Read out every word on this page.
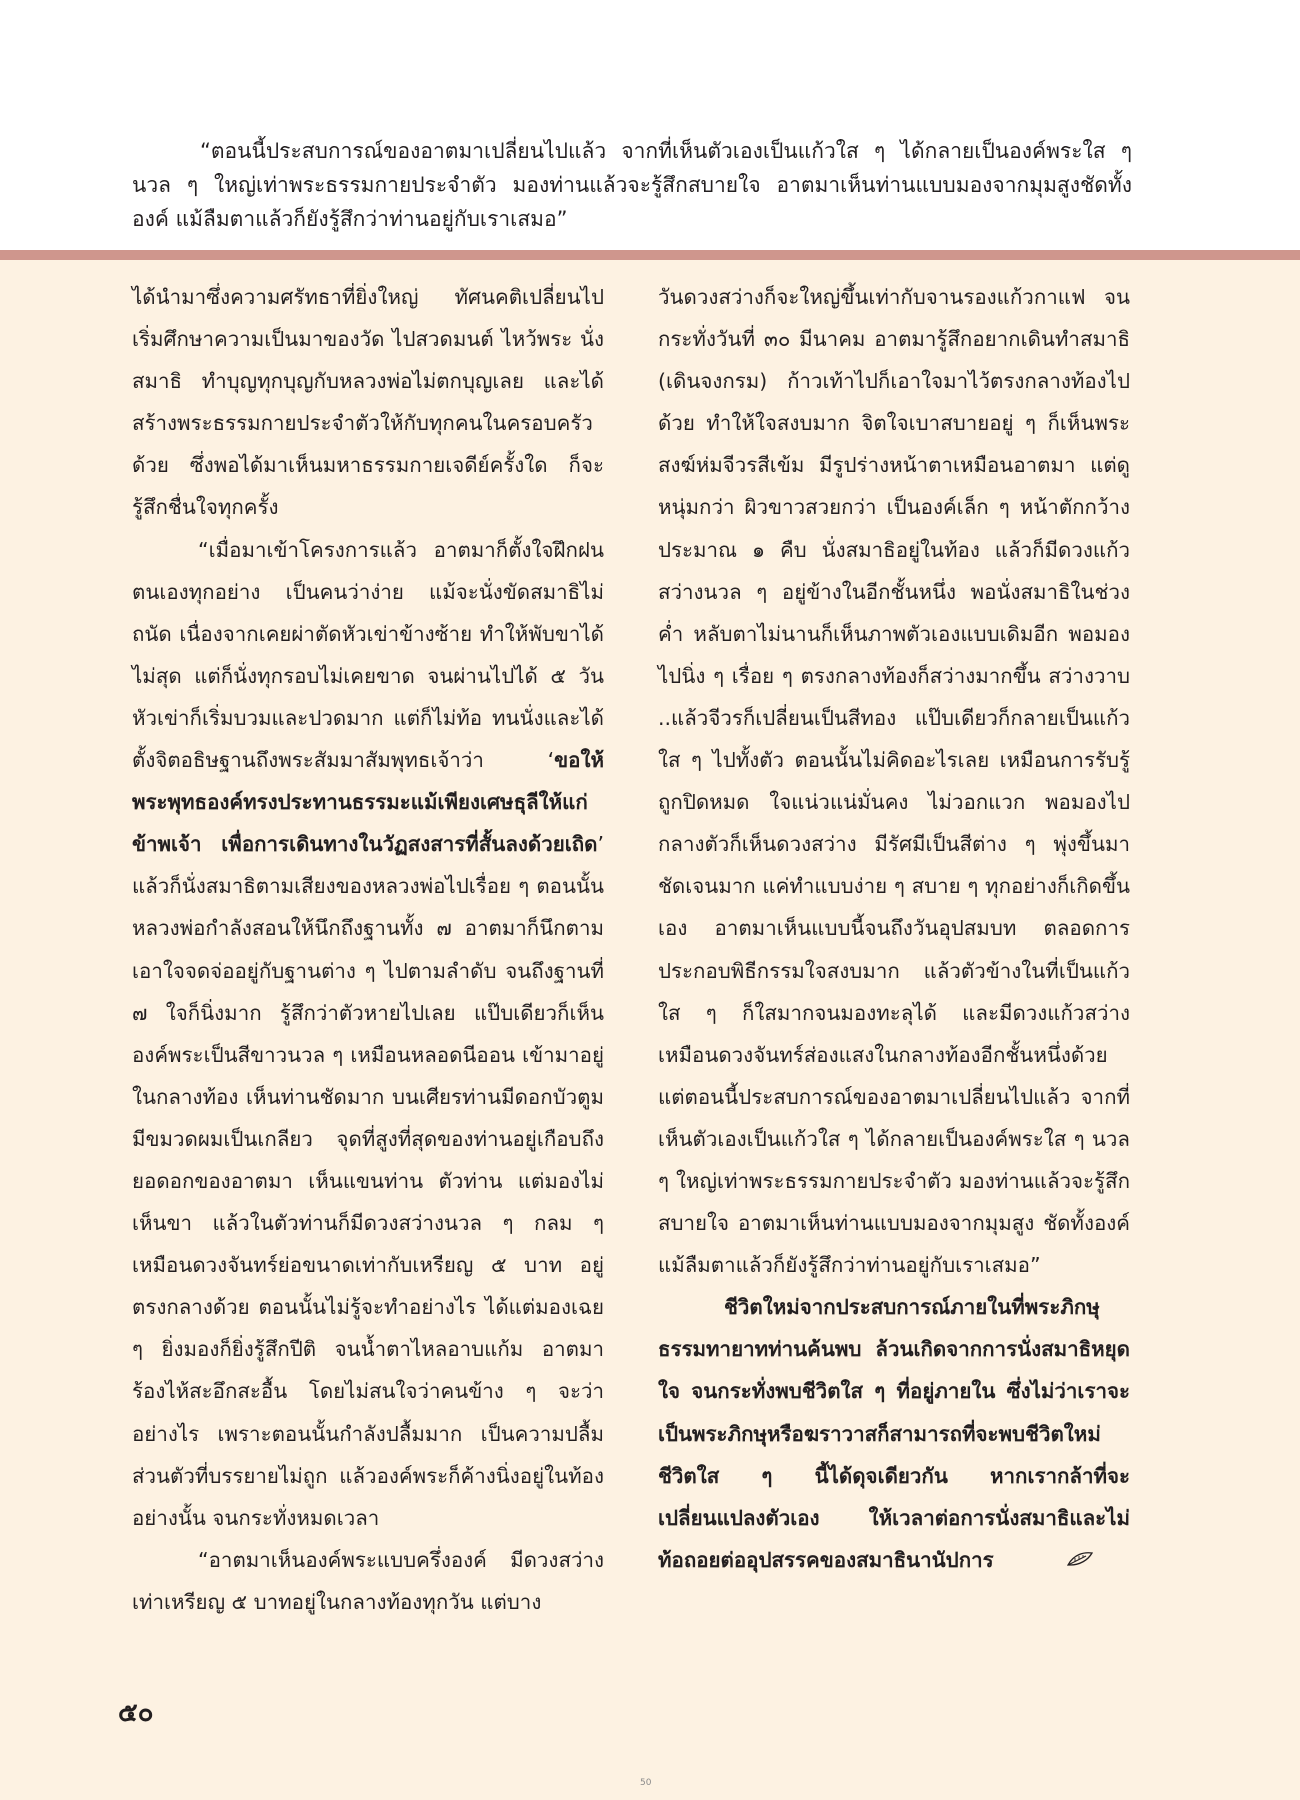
“ตอนนี้ประสบการณ์ของอาตมาเปลี่ยนไปแล้ว จากที่เห็นตัวเองเป็นแก้วใส ๆ ได้กลายเป็นองค์พระใส ๆ นวล ๆ ใหญ่เท่าพระธรรมกายประจำตัว มองท่านแล้วจะรู้สึกสบายใจ อาตมาเห็นท่านแบบมองจากมุมสูงชัดทั้งองค์ แม้ลืมตาแล้วก็ยังรู้สึกว่าท่านอยู่กับเราเสมอ”

ได้นำมาซึ่งความศรัทธาที่ยิ่งใหญ่ ทัศนคติเปลี่ยนไป เริ่มศึกษาความเป็นมาของวัด ไปสวดมนต์ ไหว้พระ นั่งสมาธิ ทำบุญทุกบุญกับหลวงพ่อไม่ตกบุญเลย และได้สร้างพระธรรมกายประจำตัวให้กับทุกคนในครอบครัวด้วย ซึ่งพอได้มาเห็นมหาธรรมกายเจดีย์ครั้งใด ก็จะรู้สึกชื่นใจทุกครั้ง

“เมื่อมาเข้าโครงการแล้ว อาตมาก็ตั้งใจฝึกฝนตนเองทุกอย่าง เป็นคนว่าง่าย แม้จะนั่งขัดสมาธิไม่ถนัด เนื่องจากเคยผ่าตัดหัวเข่าข้างซ้าย ทำให้พับขาได้ไม่สุด แต่ก็นั่งทุกรอบไม่เคยขาด จนผ่านไปได้ ๕ วัน หัวเข่าก็เริ่มบวมและปวดมาก แต่ก็ไม่ท้อ ทนนั่งและได้ตั้งจิตอธิษฐานถึงพระสัมมาสัมพุทธเจ้าว่า ‘ขอให้พระพุทธองค์ทรงประทานธรรมะแม้เพียงเศษธุลีให้แก่ข้าพเจ้า เพื่อการเดินทางในวัฏสงสารที่สั้นลงด้วยเถิด’ แล้วก็นั่งสมาธิตามเสียงของหลวงพ่อไปเรื่อย ๆ ตอนนั้นหลวงพ่อกำลังสอนให้นึกถึงฐานทั้ง ๗ อาตมาก็นึกตาม เอาใจจดจ่ออยู่กับฐานต่าง ๆ ไปตามลำดับ จนถึงฐานที่ ๗ ใจก็นิ่งมาก รู้สึกว่าตัวหายไปเลย แป๊บเดียวก็เห็นองค์พระเป็นสีขาวนวล ๆ เหมือนหลอดนีออน เข้ามาอยู่ในกลางท้อง เห็นท่านชัดมาก บนเศียรท่านมีดอกบัวตูม มีขมวดผมเป็นเกลียว จุดที่สูงที่สุดของท่านอยู่เกือบถึงยอดอกของอาตมา เห็นแขนท่าน ตัวท่าน แต่มองไม่เห็นขา แล้วในตัวท่านก็มีดวงสว่างนวล ๆ กลม ๆ เหมือนดวงจันทร์ย่อขนาดเท่ากับเหรียญ ๕ บาท อยู่ตรงกลางด้วย ตอนนั้นไม่รู้จะทำอย่างไร ได้แต่มองเฉย ๆ ยิ่งมองก็ยิ่งรู้สึกปีติ จนน้ำตาไหลอาบแก้ม อาตมาร้องไห้สะอึกสะอื้น โดยไม่สนใจว่าคนข้าง ๆ จะว่าอย่างไร เพราะตอนนั้นกำลังปลื้มมาก เป็นความปลื้มส่วนตัวที่บรรยายไม่ถูก แล้วองค์พระก็ค้างนิ่งอยู่ในท้องอย่างนั้น จนกระทั่งหมดเวลา

“อาตมาเห็นองค์พระแบบครึ่งองค์ มีดวงสว่างเท่าเหรียญ ๕ บาทอยู่ในกลางท้องทุกวัน แต่บาง

วันดวงสว่างก็จะใหญ่ขึ้นเท่ากับจานรองแก้วกาแฟ จนกระทั่งวันที่ ๓๐ มีนาคม อาตมารู้สึกอยากเดินทำสมาธิ (เดินจงกรม) ก้าวเท้าไปก็เอาใจมาไว้ตรงกลางท้องไปด้วย ทำให้ใจสงบมาก จิตใจเบาสบายอยู่ ๆ ก็เห็นพระสงฆ์ห่มจีวรสีเข้ม มีรูปร่างหน้าตาเหมือนอาตมา แต่ดูหนุ่มกว่า ผิวขาวสวยกว่า เป็นองค์เล็ก ๆ หน้าตักกว้างประมาณ ๑ คืบ นั่งสมาธิอยู่ในท้อง แล้วก็มีดวงแก้วสว่างนวล ๆ อยู่ข้างในอีกชั้นหนึ่ง พอนั่งสมาธิในช่วงค่ำ หลับตาไม่นานก็เห็นภาพตัวเองแบบเดิมอีก พอมองไปนิ่ง ๆ เรื่อย ๆ ตรงกลางท้องก็สว่างมากขึ้น สว่างวาบ ..แล้วจีวรก็เปลี่ยนเป็นสีทอง แป๊บเดียวก็กลายเป็นแก้วใส ๆ ไปทั้งตัว ตอนนั้นไม่คิดอะไรเลย เหมือนการรับรู้ถูกปิดหมด ใจแน่วแน่มั่นคง ไม่วอกแวก พอมองไปกลางตัวก็เห็นดวงสว่าง มีรัศมีเป็นสีต่าง ๆ พุ่งขึ้นมาชัดเจนมาก แค่ทำแบบง่าย ๆ สบาย ๆ ทุกอย่างก็เกิดขึ้นเอง อาตมาเห็นแบบนี้จนถึงวันอุปสมบท ตลอดการประกอบพิธีกรรมใจสงบมาก แล้วตัวข้างในที่เป็นแก้วใส ๆ ก็ใสมากจนมองทะลุได้ และมีดวงแก้วสว่างเหมือนดวงจันทร์ส่องแสงในกลางท้องอีกชั้นหนึ่งด้วย แต่ตอนนี้ประสบการณ์ของอาตมาเปลี่ยนไปแล้ว จากที่เห็นตัวเองเป็นแก้วใส ๆ ได้กลายเป็นองค์พระใส ๆ นวล ๆ ใหญ่เท่าพระธรรมกายประจำตัว มองท่านแล้วจะรู้สึกสบายใจ อาตมาเห็นท่านแบบมองจากมุมสูง ชัดทั้งองค์ แม้ลืมตาแล้วก็ยังรู้สึกว่าท่านอยู่กับเราเสมอ”

ชีวิตใหม่จากประสบการณ์ภายในที่พระภิกษุธรรมทายาทท่านค้นพบ ล้วนเกิดจากการนั่งสมาธิหยุดใจ จนกระทั่งพบชีวิตใส ๆ ที่อยู่ภายใน ซึ่งไม่ว่าเราจะเป็นพระภิกษุหรือฆราวาสก็สามารถที่จะพบชีวิตใหม่ ชีวิตใส ๆ นี้ได้ดุจเดียวกัน หากเรากล้าที่จะเปลี่ยนแปลงตัวเอง ให้เวลาต่อการนั่งสมาธิและไม่ท้อถอยต่ออุปสรรคของสมาธินานัปการ

๕๐
50
